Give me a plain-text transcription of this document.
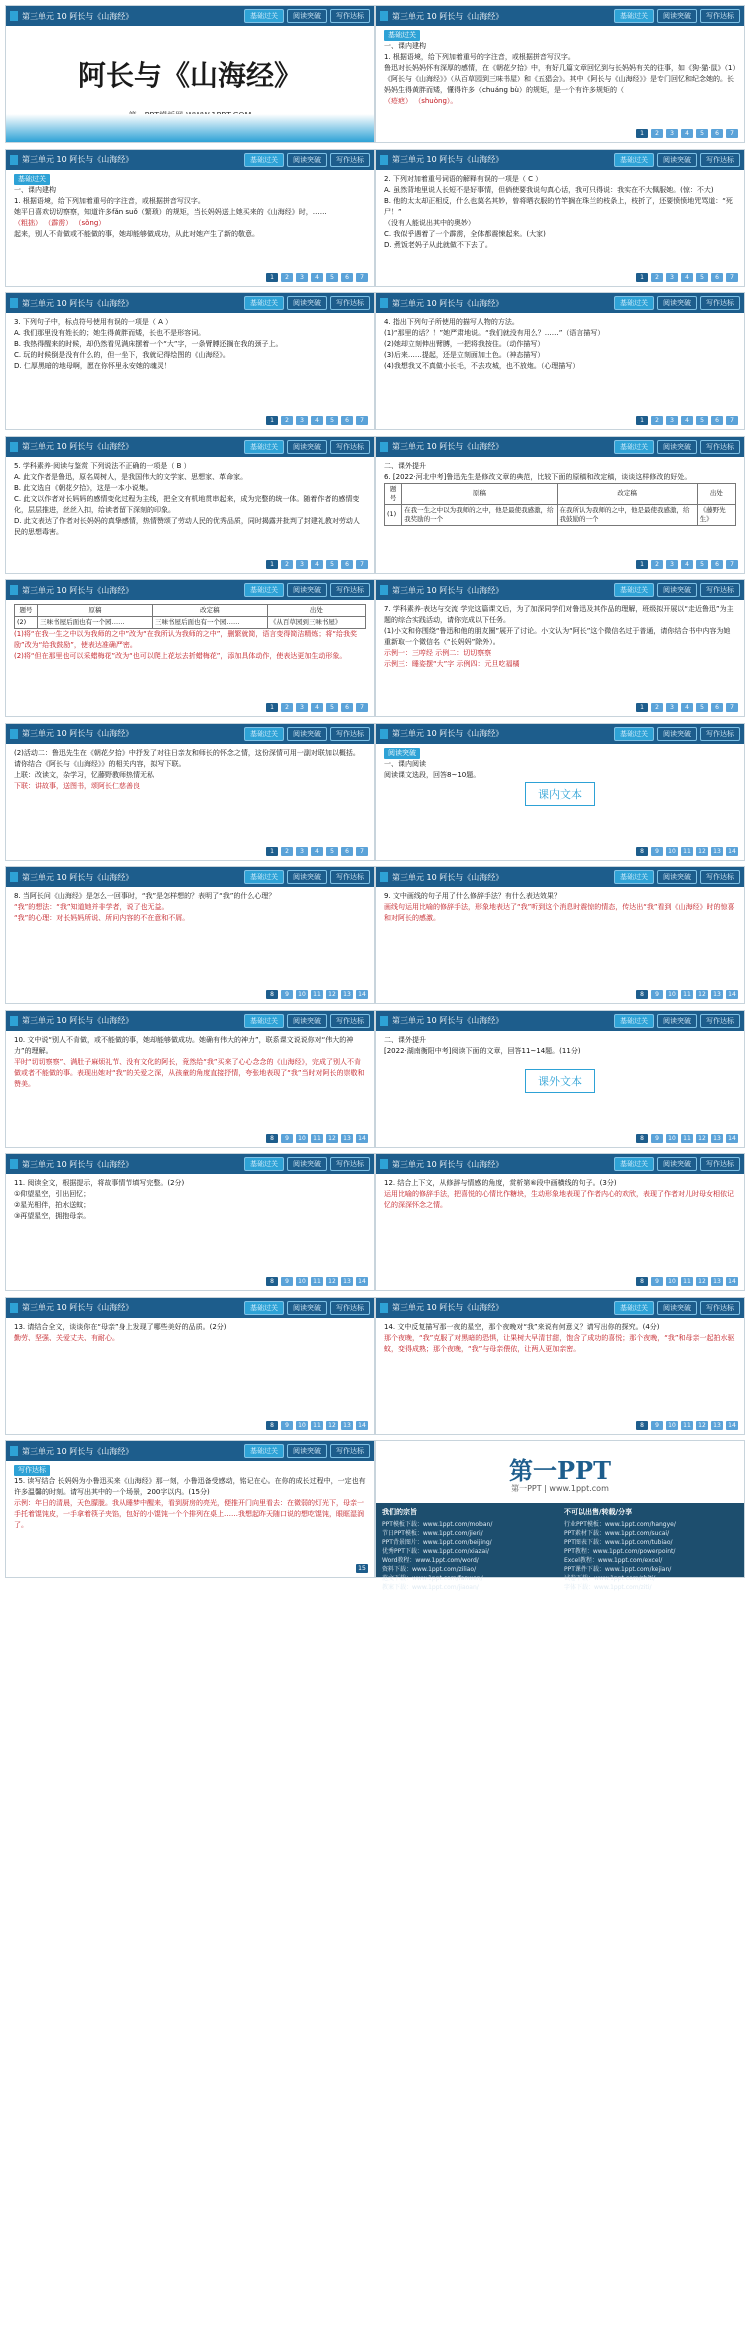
第三单元 10 阿长与《山海经》	基础过关	阅读突破	写作达标
阿长与《山海经》
第三单元 10 阿长与《山海经》	基础过关	阅读突破	写作达标

基础过关

一、课内建构

1. 根据语境，给下列加着重号的字注音，或根据拼音写汉字。

鲁迅对长妈妈怀有深厚的感情，在《朝花夕拾》中，有好几篇文章回忆到与长妈妈有关的往事，如《狗·猫·鼠》（1）《阿长与《山海经》》（从百草园到三味书屋）和《五猖会》。其中《阿长与《山海经》》是专门回忆和纪念她的。长妈妈生得黄胖而矮，懂得许多（chuáng bù）的规矩，是一个有许多规矩的（

（疮疤） （shuòng）。

1	2	3	4	5	6	7
第三单元 10 阿长与《山海经》	基础过关	阅读突破	写作达标

基础过关

一、课内建构

1. 根据语境，给下列加着重号的字注音，或根据拼音写汉字。

她平日喜欢切切察察，知道许多fǎn suǒ（繁琐）的规矩，当长妈妈送上她买来的《山海经》时，……

（粗拙） （霹雳） （sǒng）

起来，别人不肯做或不能做的事，她却能够做成功，从此对她产生了新的敬意。

1	2	3	4	5	6	7
第三单元 10 阿长与《山海经》	基础过关	阅读突破	写作达标

2. 下列对加着重号词语的解释有误的一项是（ C ）

A. 虽然背地里说人长短不是好事情，但倘使要我说句真心话，我可只得说：我实在不大佩服她。(惊：不大)

B. 他的太太却正相反，什么也莫名其妙，曾将晒衣服的竹竿搁在珠兰的枝条上，枝折了，还要愤愤地咒骂道：“死尸！”

（没有人能说出其中的奥妙）

C. 我似乎遇着了一个霹雳，全体都震悚起来。(大家)

D. 煮饭老妈子从此就做不下去了。

1	2	3	4	5	6	7
第三单元 10 阿长与《山海经》	基础过关	阅读突破	写作达标

3. 下列句子中，标点符号使用有误的一项是（ A ）

A. 我们那里没有姓长的；她生得黄胖而矮，长也不是形容词。

B. 我热得醒来的时候，却仍然看见满床摆着一个“大”字，一条臂膊还搁在我的颈子上。

C. 玩的时候倒是没有什么的，但一坐下，我就记得绘图的《山海经》。

D. 仁厚黑暗的地母啊，愿在你怀里永安她的魂灵！

1	2	3	4	5	6	7
第三单元 10 阿长与《山海经》	基础过关	阅读突破	写作达标

4. 指出下列句子所使用的描写人物的方法。

(1)“那里的话？！”她严肃地说。“我们就没有用么？……”（语言描写）

(2)她却立刻伸出臂膊，一把将我按住。（动作描写）

(3)后来……提起，还是立刻面加土色。（神态描写）

(4)我想我又不真做小长毛，不去攻城，也不放炮。（心理描写）

1	2	3	4	5	6	7
第三单元 10 阿长与《山海经》	基础过关	阅读突破	写作达标

5. 学科素养·阅读与鉴赏 下列说法不正确的一项是（ B ）

A. 此文作者是鲁迅，原名周树人，是我国伟大的文学家、思想家、革命家。

B. 此文选自《朝花夕拾》，这是一本小说集。

C. 此文以作者对长妈妈的感情变化过程为主线，把全文有机地贯串起来，成为完整的统一体。随着作者的感情变化，层层推进，丝丝入扣，给读者留下深刻的印象。

D. 此文表达了作者对长妈妈的真挚感情，热情赞颂了劳动人民的优秀品质，同时揭露并批判了封建礼教对劳动人民的思想毒害。

1	2	3	4	5	6	7
第三单元 10 阿长与《山海经》	基础过关	阅读突破	写作达标

二、课外提升

6. [2022·河北中考]鲁迅先生是修改文章的典范，比较下面的原稿和改定稿，谈谈这样修改的好处。

题号	原稿	改定稿	出处
(1)	在我一生之中以为我师的之中，他是最使我感激，给我奖励的一个	在我所认为我师的之中，他是最使我感激，给我鼓励的一个	《藤野先生》
1	2	3	4	5	6	7
第三单元 10 阿长与《山海经》	基础过关	阅读突破	写作达标
题号	原稿	改定稿	出处
(2)	三味书屋后面也有一个园……	三味书屋后面也有一个园……	《从百草园到三味书屋》

(1)将“在我一生之中以为我师的之中”改为“在我所认为我师的之中”，删繁就简，语言变得简洁精炼；将“给我奖励”改为“给我鼓励”，使表达准确严密。

(2)将“但在那里也可以采蜡梅花”改为“也可以爬上花坛去折蜡梅花”，添加具体动作，使表达更加生动形象。

1	2	3	4	5	6	7
第三单元 10 阿长与《山海经》	基础过关	阅读突破	写作达标

7. 学科素养·表达与交流 学完这篇课文后，为了加深同学们对鲁迅及其作品的理解，班级拟开展以“走近鲁迅”为主题的综合实践活动，请你完成以下任务。

(1)小文和你围绕“鲁迅和他的朋友圈”展开了讨论。小文认为“阿长”这个微信名过于普通，请你结合书中内容为她重新取一个微信名（“长妈妈”除外）。

示例一：三哼经 示例二：切切察察

示例三：睡姿摆“大”字 示例四：元旦吃福橘

1	2	3	4	5	6	7
第三单元 10 阿长与《山海经》	基础过关	阅读突破	写作达标

(2)活动二：鲁迅先生在《朝花夕拾》中抒发了对往日亲友和师长的怀念之情，这份深情可用一副对联加以概括。请你结合《阿长与《山海经》》的相关内容，拟写下联。

上联：改读文，杂学习，忆藤野教师热情无私

下联：讲故事，送图书，颂阿长仁慈善良

1	2	3	4	5	6	7
第三单元 10 阿长与《山海经》	基础过关	阅读突破	写作达标

阅读突破

一、课内阅读

阅读课文选段，回答8~10题。

课内文本
8	9	10	11	12	13	14
第三单元 10 阿长与《山海经》	基础过关	阅读突破	写作达标

8. 当阿长问《山海经》是怎么一回事时，“我”是怎样想的？表明了“我”的什么心理？

“我”的想法：“我”知道她并非学者，说了也无益。

“我”的心理：对长妈妈所说、所问内容的不在意和不屑。

8	9	10	11	12	13	14
第三单元 10 阿长与《山海经》	基础过关	阅读突破	写作达标

9. 文中画线的句子用了什么修辞手法？有什么表达效果？

画线句运用比喻的修辞手法，形象地表达了“我”听到这个消息时震惊的情态，传达出“我”看到《山海经》时的惊喜和对阿长的感激。

8	9	10	11	12	13	14
第三单元 10 阿长与《山海经》	基础过关	阅读突破	写作达标

10. 文中说“别人不肯做，或不能做的事，她却能够做成功。她确有伟大的神力”，联系课文说说你对“伟大的神力”的理解。

平时“切切察察”、满肚子麻烦礼节、没有文化的阿长，竟然给“我”买来了心心念念的《山海经》，完成了别人不肯做或者不能做的事。表现出她对“我”的关爱之深，从孩童的角度直接抒情，夸张地表现了“我”当时对阿长的崇敬和赞美。

8	9	10	11	12	13	14
第三单元 10 阿长与《山海经》	基础过关	阅读突破	写作达标

二、课外提升

[2022·湖南衡阳中考]阅读下面的文章，回答11~14题。(11分)

课外文本
8	9	10	11	12	13	14
第三单元 10 阿长与《山海经》	基础过关	阅读突破	写作达标

11. 阅读全文，根据提示，将故事情节填写完整。(2分)

①仰望星空，引出回忆；

②星光相伴，拍水送蚊；

③再望星空，拥抱母亲。

8	9	10	11	12	13	14
第三单元 10 阿长与《山海经》	基础过关	阅读突破	写作达标

12. 结合上下文，从修辞与情感的角度，赏析第⑥段中画横线的句子。(3分)

运用比喻的修辞手法，把喜悦的心情比作糖块，生动形象地表现了作者内心的欢欣，表现了作者对儿时母女相依记忆的深深怀念之情。

8	9	10	11	12	13	14
第三单元 10 阿长与《山海经》	基础过关	阅读突破	写作达标

13. 请结合全文，谈谈你在“母亲”身上发现了哪些美好的品质。(2分)

勤劳、坚强、关爱丈夫、有耐心。

8	9	10	11	12	13	14
第三单元 10 阿长与《山海经》	基础过关	阅读突破	写作达标

14. 文中反复描写那一夜的星空，那个夜晚对“我”来说有何意义？请写出你的探究。(4分)

那个夜晚，“我”克服了对黑暗的恐惧，让果树大早清甘甜，饱含了成功的喜悦；那个夜晚，“我”和母亲一起拍水驱蚊，变得成熟；那个夜晚，“我”与母亲偎依，让两人更加亲密。

8	9	10	11	12	13	14
第三单元 10 阿长与《山海经》	基础过关	阅读突破	写作达标

写作达标

15. 读写结合 长妈妈为小鲁迅买来《山海经》那一刻，小鲁迅备受感动，铭记在心。在你的成长过程中，一定也有许多温馨的时刻。请写出其中的一个场景，200字以内。(15分)

示例：年日的清晨，天色朦胧。我从睡梦中醒来，看到厨房的亮光，便推开门向里看去：在微弱的灯光下，母亲一手托着馄饨皮，一手拿着筷子夹馅，包好的小馄饨一个个排列在桌上……我想起昨天随口说的想吃馄饨，眼眶湿润了。

15
第一PPT
第一PPT | www.1ppt.com
我们的宗旨
PPT模板下载：www.1ppt.com/moban/
节日PPT模板：www.1ppt.com/jieri/
PPT背景图片：www.1ppt.com/beijing/
优秀PPT下载：www.1ppt.com/xiazai/
Word教程：www.1ppt.com/word/
资料下载：www.1ppt.com/ziliao/
范文下载：www.1ppt.com/fanwen/
教案下载：www.1ppt.com/jiaoan/
不可以出售/转载/分享
行业PPT模板：www.1ppt.com/hangye/
PPT素材下载：www.1ppt.com/sucai/
PPT图表下载：www.1ppt.com/tubiao/
PPT教程：www.1ppt.com/powerpoint/
Excel教程：www.1ppt.com/excel/
PPT课件下载：www.1ppt.com/kejian/
试卷下载：www.1ppt.com/shiti/
字体下载：www.1ppt.com/ziti/
